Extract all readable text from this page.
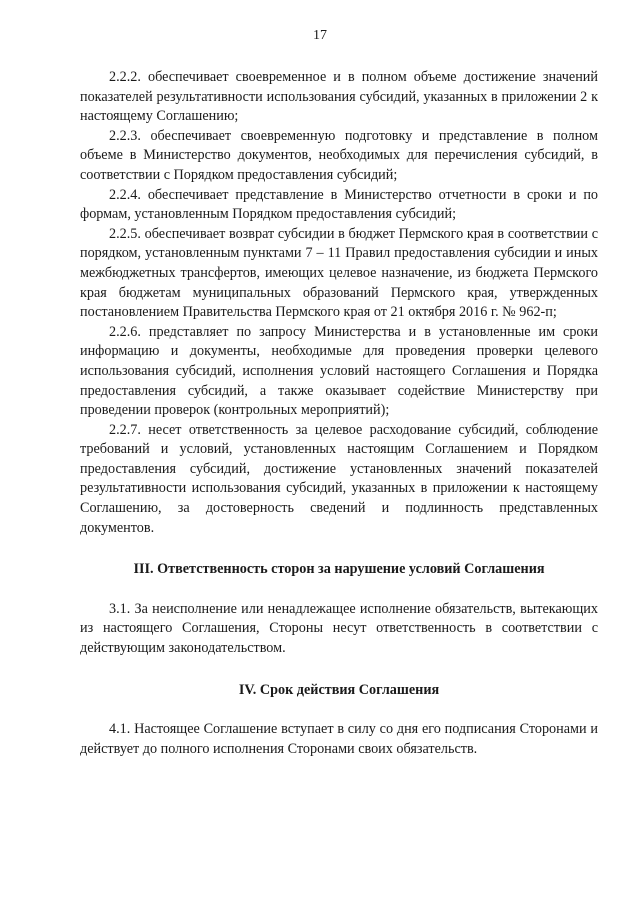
17

2.2.2. обеспечивает своевременное и в полном объеме достижение значений показателей результативности использования субсидий, указанных в приложении 2 к настоящему Соглашению;

2.2.3. обеспечивает своевременную подготовку и представление в полном объеме в Министерство документов, необходимых для перечисления субсидий, в соответствии с Порядком предоставления субсидий;

2.2.4. обеспечивает представление в Министерство отчетности в сроки и по формам, установленным Порядком предоставления субсидий;

2.2.5. обеспечивает возврат субсидии в бюджет Пермского края в соответствии с порядком, установленным пунктами 7 – 11 Правил предоставления субсидии и иных межбюджетных трансфертов, имеющих целевое назначение, из бюджета Пермского края бюджетам муниципальных образований Пермского края, утвержденных постановлением Правительства Пермского края от 21 октября 2016 г. № 962-п;

2.2.6. представляет по запросу Министерства и в установленные им сроки информацию и документы, необходимые для проведения проверки целевого использования субсидий, исполнения условий настоящего Соглашения и Порядка предоставления субсидий, а также оказывает содействие Министерству при проведении проверок (контрольных мероприятий);

2.2.7. несет ответственность за целевое расходование субсидий, соблюдение требований и условий, установленных настоящим Соглашением и Порядком предоставления субсидий, достижение установленных значений показателей результативности использования субсидий, указанных в приложении к настоящему Соглашению, за достоверность сведений и подлинность представленных документов.

III. Ответственность сторон за нарушение условий Соглашения

3.1. За неисполнение или ненадлежащее исполнение обязательств, вытекающих из настоящего Соглашения, Стороны несут ответственность в соответствии с действующим законодательством.

IV. Срок действия Соглашения

4.1. Настоящее Соглашение вступает в силу со дня его подписания Сторонами и действует до полного исполнения Сторонами своих обязательств.
